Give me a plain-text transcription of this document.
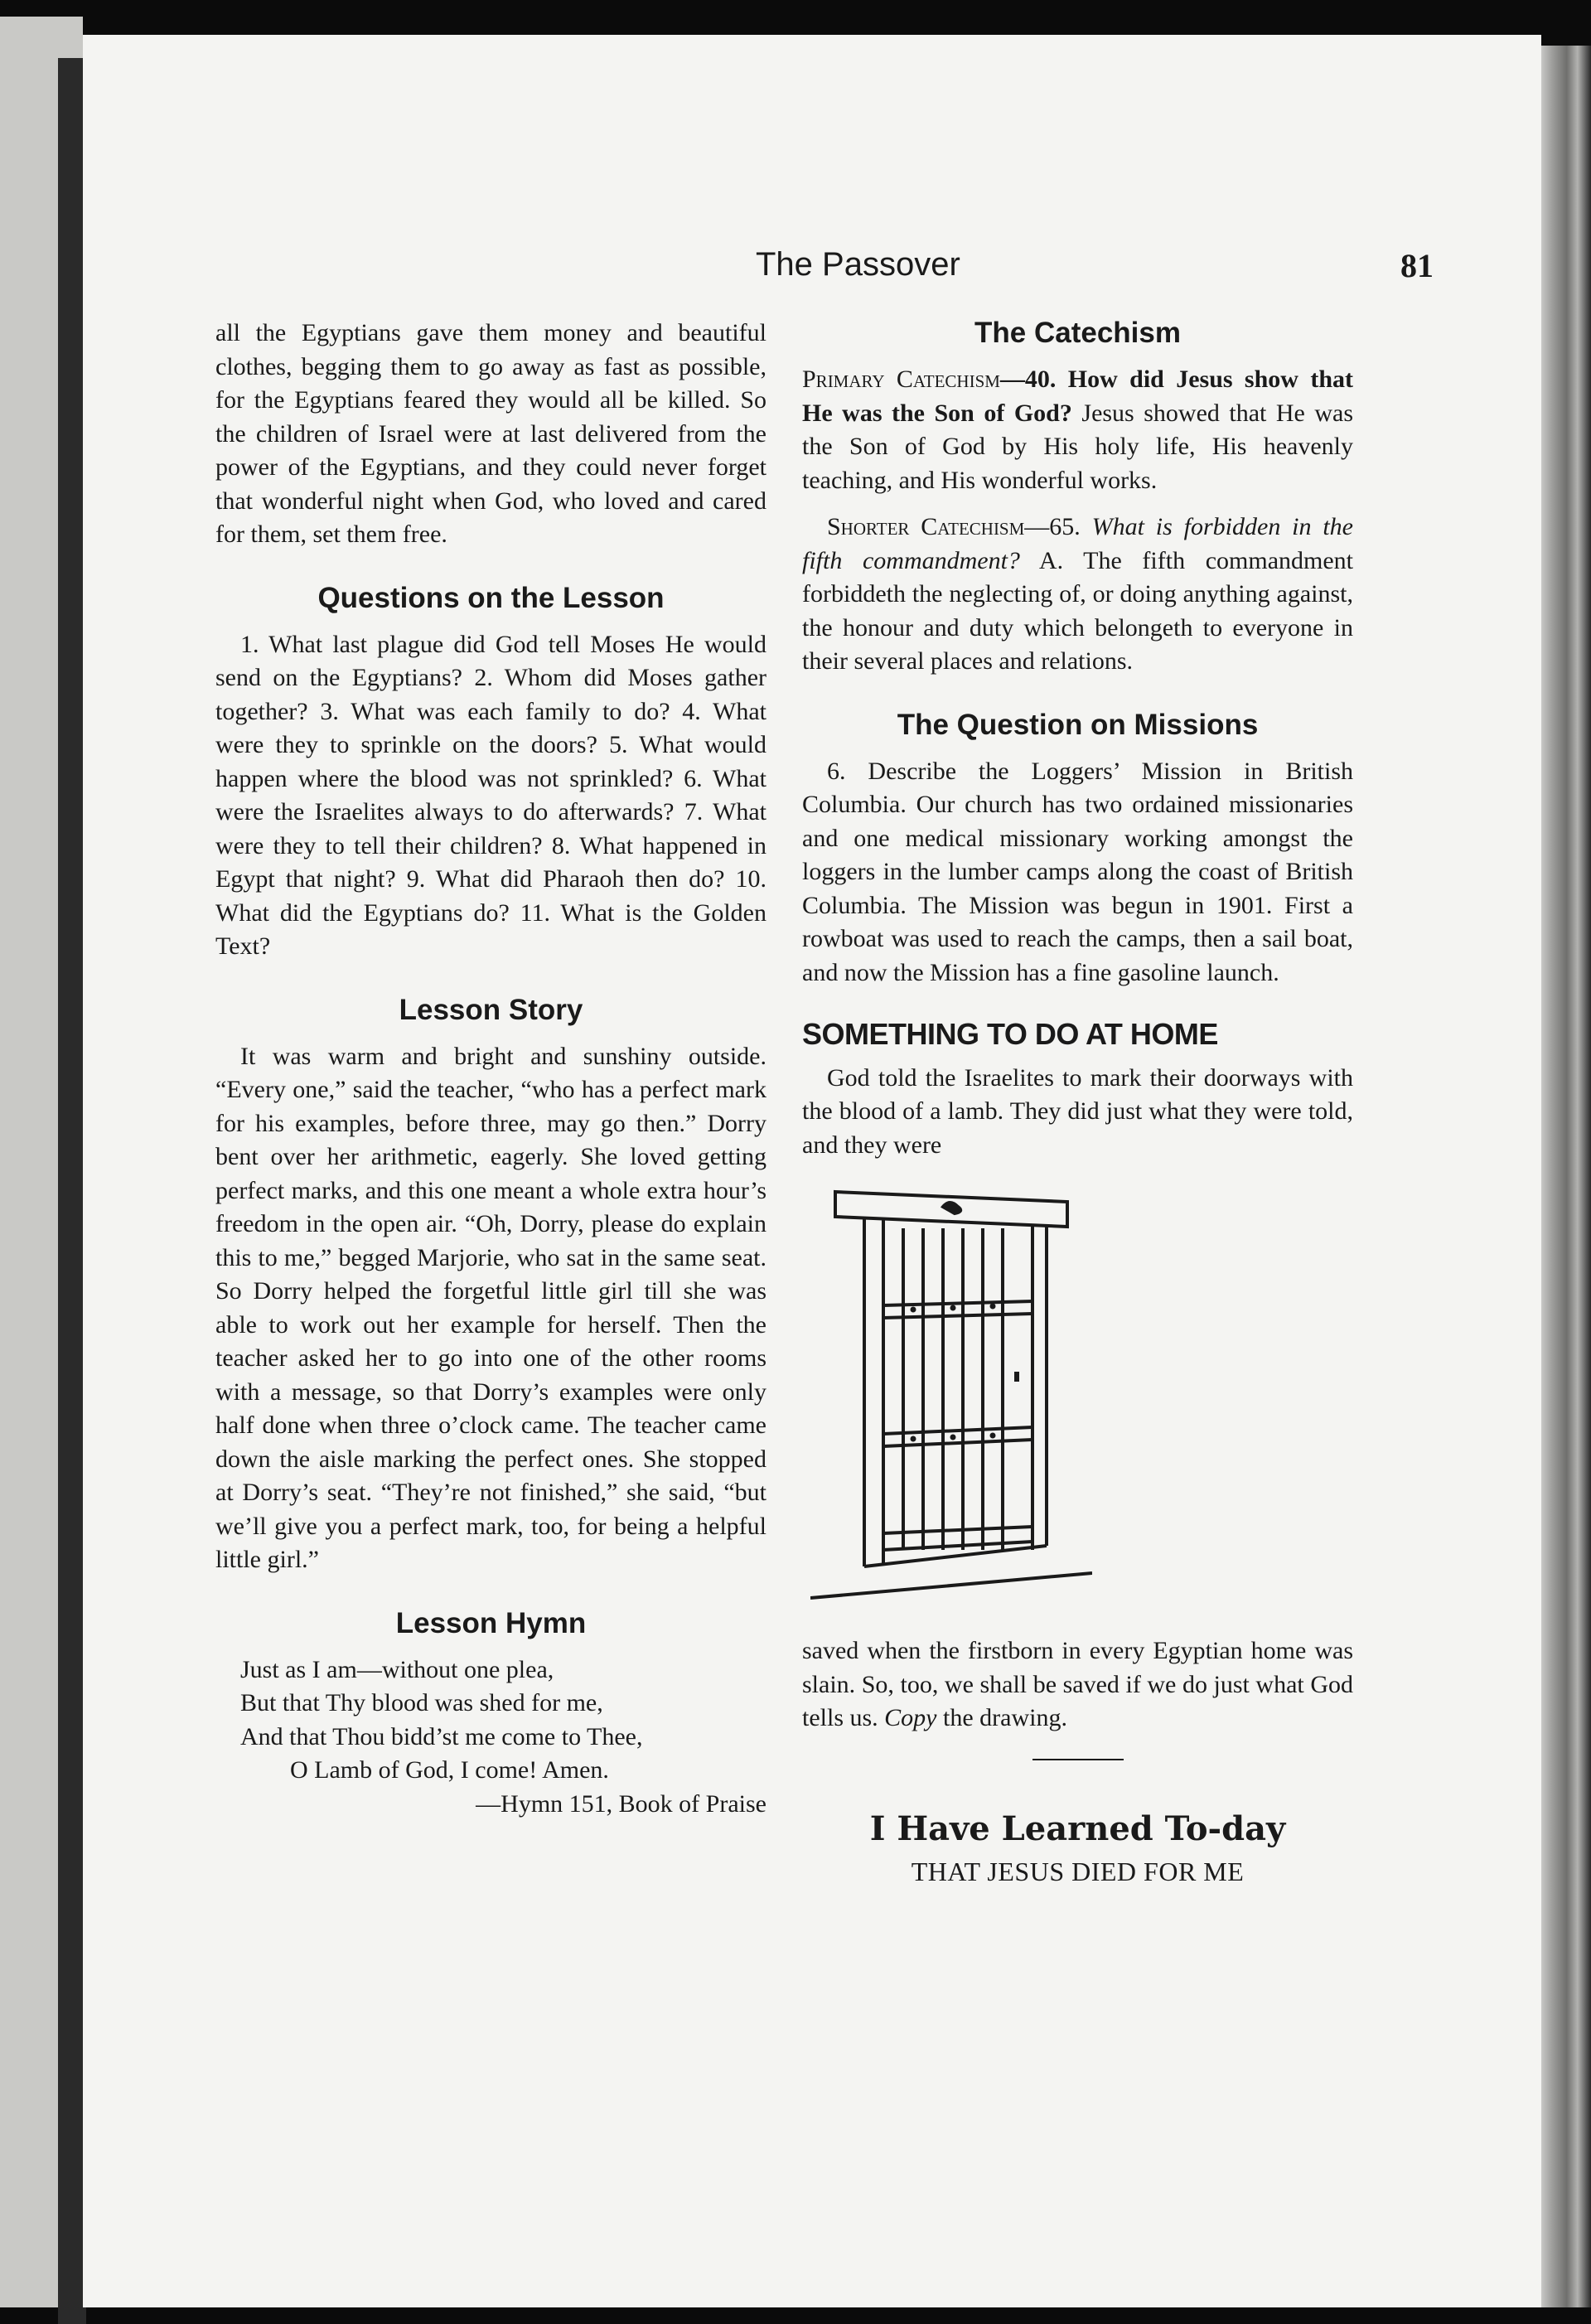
The Passover	81

all the Egyptians gave them money and beautiful clothes, begging them to go away as fast as possible, for the Egyptians feared they would all be killed. So the children of Israel were at last delivered from the power of the Egyptians, and they could never forget that wonderful night when God, who loved and cared for them, set them free.

Questions on the Lesson

1. What last plague did God tell Moses He would send on the Egyptians? 2. Whom did Moses gather together? 3. What was each family to do? 4. What were they to sprinkle on the doors? 5. What would happen where the blood was not sprinkled? 6. What were the Israelites always to do afterwards? 7. What were they to tell their children? 8. What happened in Egypt that night? 9. What did Pharaoh then do? 10. What did the Egyptians do? 11. What is the Golden Text?

Lesson Story

It was warm and bright and sunshiny outside. “Every one,” said the teacher, “who has a perfect mark for his examples, before three, may go then.” Dorry bent over her arithmetic, eagerly. She loved getting perfect marks, and this one meant a whole extra hour’s freedom in the open air. “Oh, Dorry, please do explain this to me,” begged Marjorie, who sat in the same seat. So Dorry helped the forgetful little girl till she was able to work out her example for herself. Then the teacher asked her to go into one of the other rooms with a message, so that Dorry’s examples were only half done when three o’clock came. The teacher came down the aisle marking the perfect ones. She stopped at Dorry’s seat. “They’re not finished,” she said, “but we’ll give you a perfect mark, too, for being a helpful little girl.”

Lesson Hymn
Just as I am—without one plea,
But that Thy blood was shed for me,
And that Thou bidd’st me come to Thee,
O Lamb of God, I come! Amen.
—Hymn 151, Book of Praise
The Catechism

Primary Catechism—40. How did Jesus show that He was the Son of God? Jesus showed that He was the Son of God by His holy life, His heavenly teaching, and His wonderful works.

Shorter Catechism—65. What is forbidden in the fifth commandment? A. The fifth commandment forbiddeth the neglecting of, or doing anything against, the honour and duty which belongeth to everyone in their several places and relations.

The Question on Missions

6. Describe the Loggers’ Mission in British Columbia. Our church has two ordained missionaries and one medical missionary working amongst the loggers in the lumber camps along the coast of British Columbia. The Mission was begun in 1901. First a rowboat was used to reach the camps, then a sail boat, and now the Mission has a fine gasoline launch.

SOMETHING TO DO AT HOME

God told the Israelites to mark their doorways with the blood of a lamb. They did just what they were told, and they were

saved when the firstborn in every Egyptian home was slain. So, too, we shall be saved if we do just what God tells us. Copy the drawing.

I Have Learned To-day
THAT JESUS DIED FOR ME
